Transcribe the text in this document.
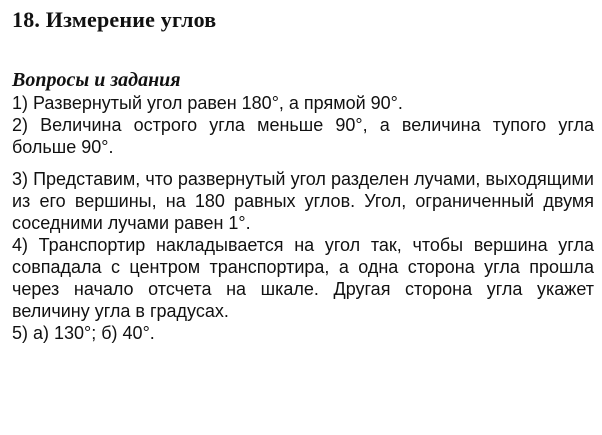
18. Измерение углов
Вопросы и задания

1) Развернутый угол равен 180°, а прямой 90°.

2) Величина острого угла меньше 90°, а величина тупого угла больше 90°.

3) Представим, что развернутый угол разделен лучами, выходящими из его вершины, на 180 равных углов. Угол, ограниченный двумя соседними лучами равен 1°.

4) Транспортир накладывается на угол так, чтобы вершина угла совпадала с центром транспортира, а одна сторона угла прошла через начало отсчета на шкале. Другая сторона угла укажет величину угла в градусах.

5) а) 130°; б) 40°.
